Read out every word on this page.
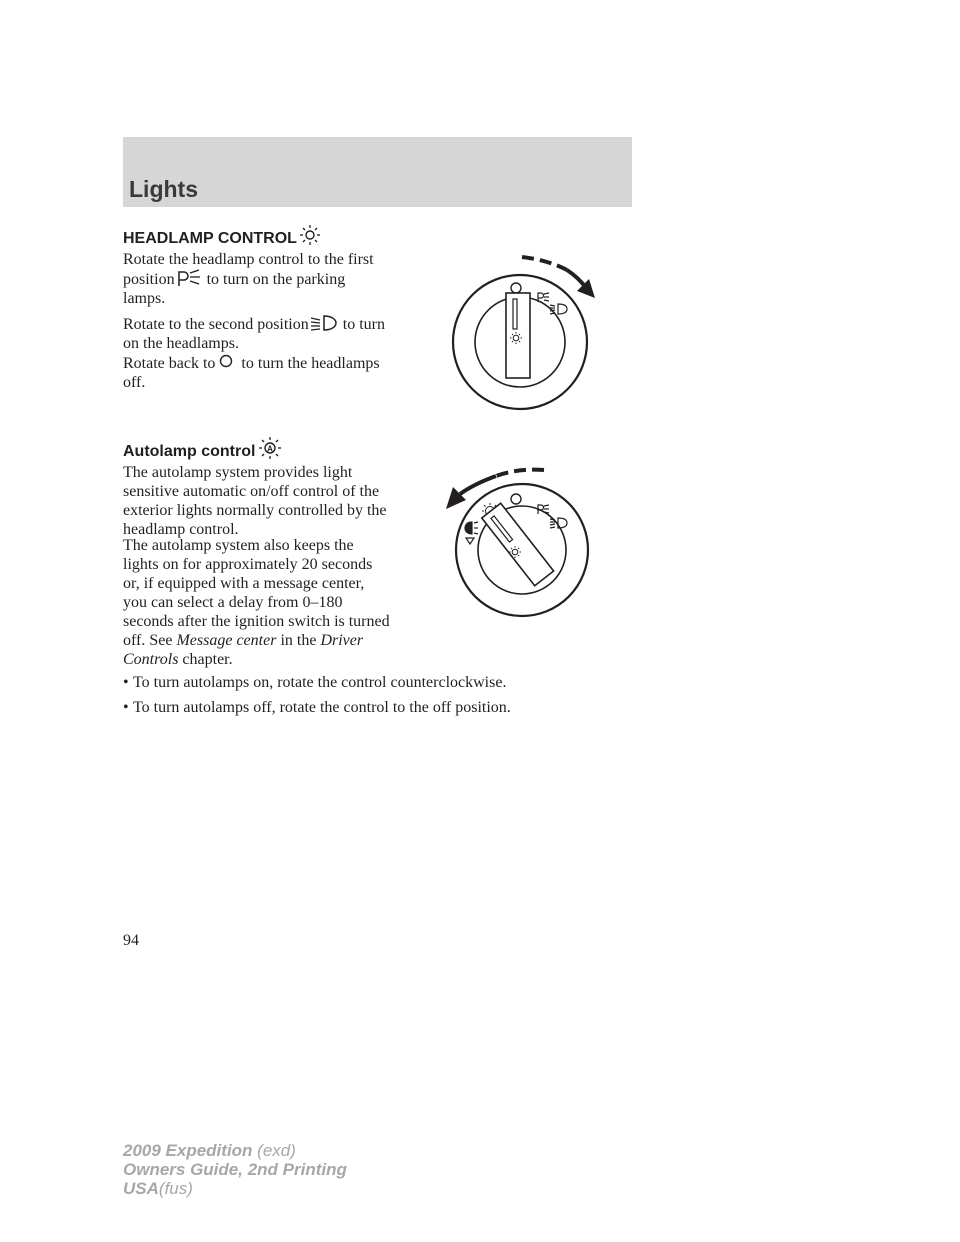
Lights
HEADLAMP CONTROL

Rotate the headlamp control to the first position to turn on the parking lamps.

Rotate to the second position to turn on the headlamps.

Rotate back to to turn the headlamps off.

Autolamp control A

The autolamp system provides light sensitive automatic on/off control of the exterior lights normally controlled by the headlamp control.

The autolamp system also keeps the lights on for approximately 20 seconds or, if equipped with a message center, you can select a delay from 0–180 seconds after the ignition switch is turned off. See Message center in the Driver Controls chapter.

• To turn autolamps on, rotate the control counterclockwise.

• To turn autolamps off, rotate the control to the off position.

94

2009 Expedition (exd)
Owners Guide, 2nd Printing
USA(fus)
